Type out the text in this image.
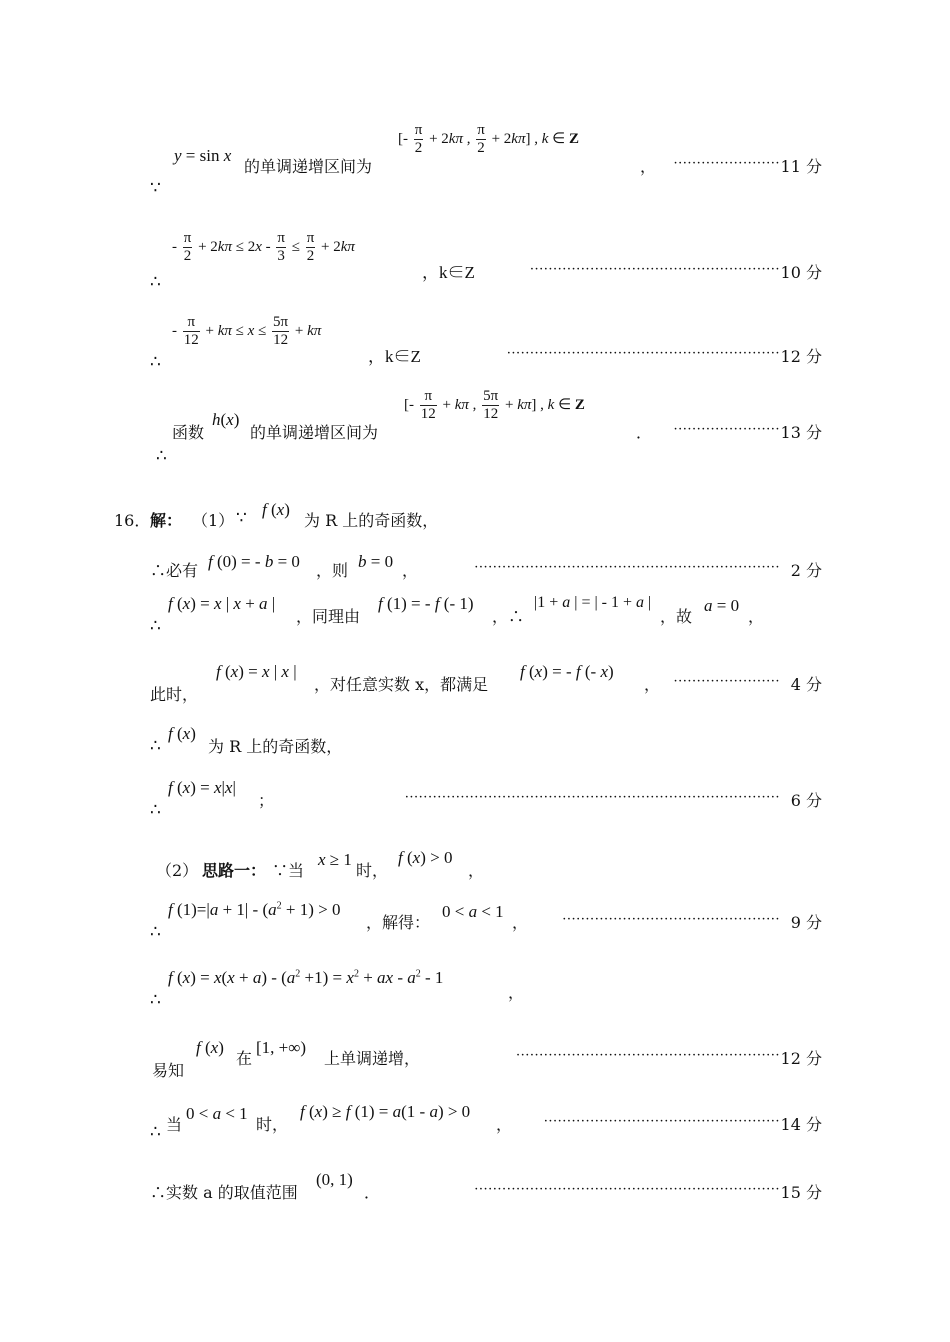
∵
y = sin x
的单调递增区间为
[- $\frac{\pi}{2} + 2k\pi$ , $\frac{\pi}{2} + 2k\pi$] , k ∈ Z
，	······················· 11 分
∴
- $\frac{\pi}{2} + 2k\pi \le 2x - \frac{\pi}{3} \le \frac{\pi}{2} + 2k\pi$
，k∈Z	······················································ 10 分
∴
- $\frac{\pi}{12} + k\pi \le x \le \frac{5\pi}{12} + k\pi$
，k∈Z	··························································· 12 分
∴
函数
h(x)
的单调递增区间为
[- $\frac{\pi}{12} + k\pi$ , $\frac{5\pi}{12} + k\pi$] , k ∈ Z
．	······················· 13 分
16． 解： （1） ∵ f (x)
为 R 上的奇函数，
∴必有 f (0) = - b = 0 ，则 b = 0 ，	·································································· 2 分
∴
f (x) = x | x + a |
，同理由
f (1) = - f (- 1)
，∴
|1 + a | = | - 1 + a |
，故
a = 0
，
此时，
f (x) = x | x |
，对任意实数 x，都满足
f (x) = - f (- x)
，	······················· 4 分
∴
f (x)
为 R 上的奇函数，
∴
f (x) = x|x|
；	················································································· 6 分
（2） 思路一： ∵当
x ≥ 1
时，
f (x) > 0
，
∴
f $(1)=|a + 1| - (a^2 + 1) > 0$
，解得：
0 < a < 1
，	··············································· 9 分
∴
f $(x) = x(x + a) - (a^2 +1) = x^2$ + ax - $a^2 - 1$
，
易知
f (x)
在
[1, +∞)
上单调递增，	························································· 12 分
∴ 当
0 < a < 1
时，
f (x) ≥ f (1) = a(1 - a) > 0
，	··················································· 14 分
∴实数 a 的取值范围
(0, 1)
．	·································································· 15 分
